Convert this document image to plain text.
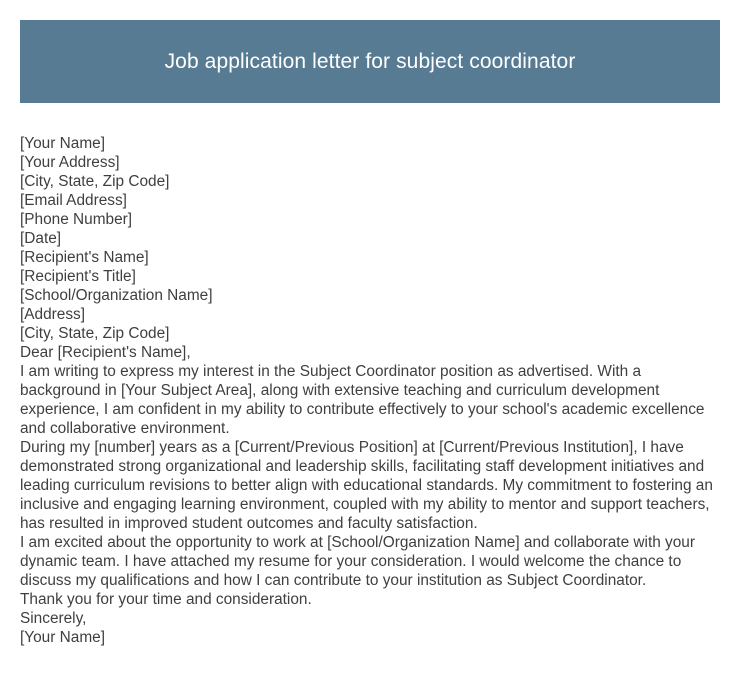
Job application letter for subject coordinator

[Your Name]

[Your Address]

[City, State, Zip Code]

[Email Address]

[Phone Number]

[Date]

[Recipient's Name]

[Recipient's Title]

[School/Organization Name]

[Address]

[City, State, Zip Code]

Dear [Recipient's Name],

I am writing to express my interest in the Subject Coordinator position as advertised. With a background in [Your Subject Area], along with extensive teaching and curriculum development experience, I am confident in my ability to contribute effectively to your school's academic excellence and collaborative environment.

During my [number] years as a [Current/Previous Position] at [Current/Previous Institution], I have demonstrated strong organizational and leadership skills, facilitating staff development initiatives and leading curriculum revisions to better align with educational standards. My commitment to fostering an inclusive and engaging learning environment, coupled with my ability to mentor and support teachers, has resulted in improved student outcomes and faculty satisfaction.

I am excited about the opportunity to work at [School/Organization Name] and collaborate with your dynamic team. I have attached my resume for your consideration. I would welcome the chance to discuss my qualifications and how I can contribute to your institution as Subject Coordinator.

Thank you for your time and consideration.

Sincerely,

[Your Name]
